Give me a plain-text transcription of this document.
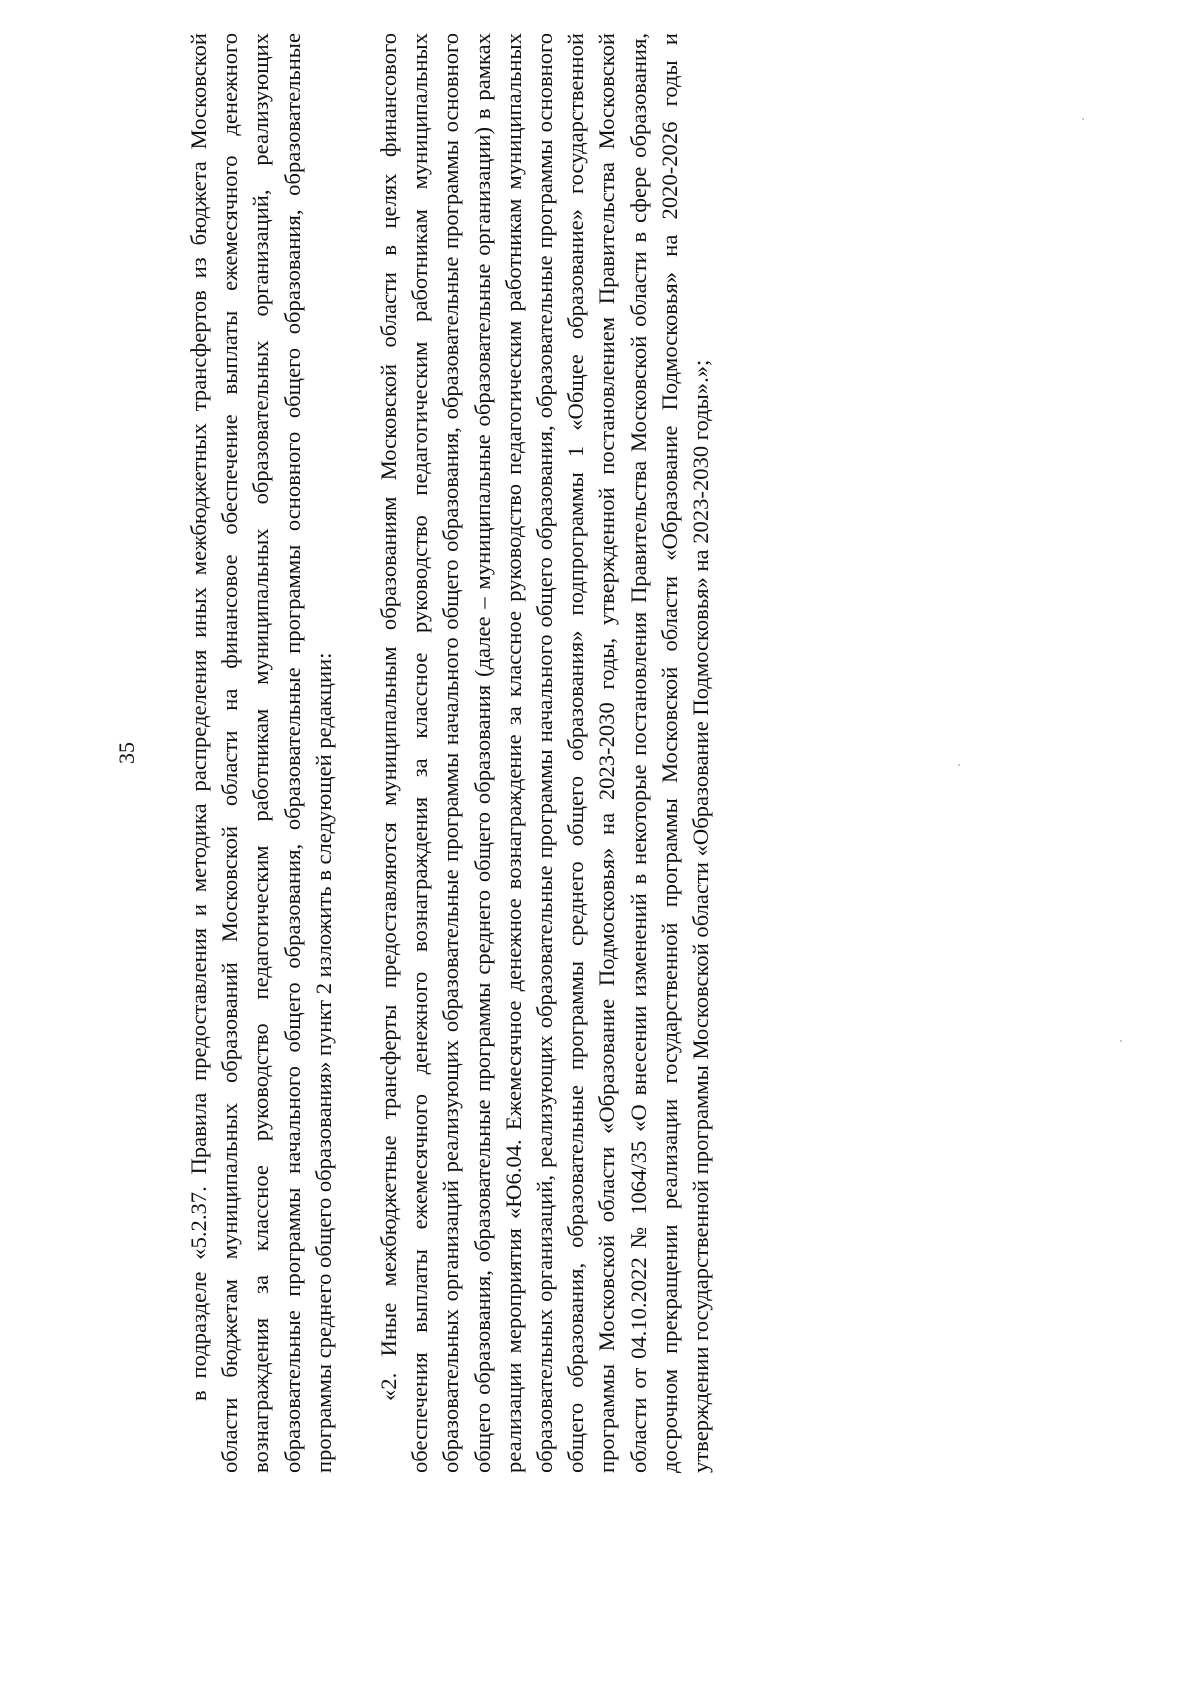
35 в подразделе «5.2.37. Правила предоставления и методика распределения иных межбюджетных трансфертов из бюджета Московской области бюджетам муниципальных образований Московской области на финансовое обеспечение выплаты ежемесячного денежного вознаграждения за классное руководство педагогическим работникам муниципальных образовательных организаций, реализующих образовательные программы начального общего образования, образовательные программы основного общего образования, образовательные программы среднего общего образования» пункт 2 изложить в следующей редакции: «2. Иные межбюджетные трансферты предоставляются муниципальным образованиям Московской области в целях финансового обеспечения выплаты ежемесячного денежного вознаграждения за классное руководство педагогическим работникам муниципальных образовательных организаций реализующих образовательные программы начального общего образования, образовательные программы основного общего образования, образовательные программы среднего общего образования (далее – муниципальные образовательные организации) в рамках реализации мероприятия «Ю6.04. Ежемесячное денежное вознаграждение за классное руководство педагогическим работникам муниципальных образовательных организаций, реализующих образовательные программы начального общего образования, образовательные программы основного общего образования, образовательные программы среднего общего образования» подпрограммы 1 «Общее образование» государственной программы Московской области «Образование Подмосковья» на 2023-2030 годы, утвержденной постановлением Правительства Московской области от 04.10.2022 № 1064/35 «О внесении изменений в некоторые постановления Правительства Московской области в сфере образования, досрочном прекращении реализации государственной программы Московской области «Образование Подмосковья» на 2020-2026 годы и утверждении государственной программы Московской области «Образование Подмосковья» на 2023-2030 годы».»;
